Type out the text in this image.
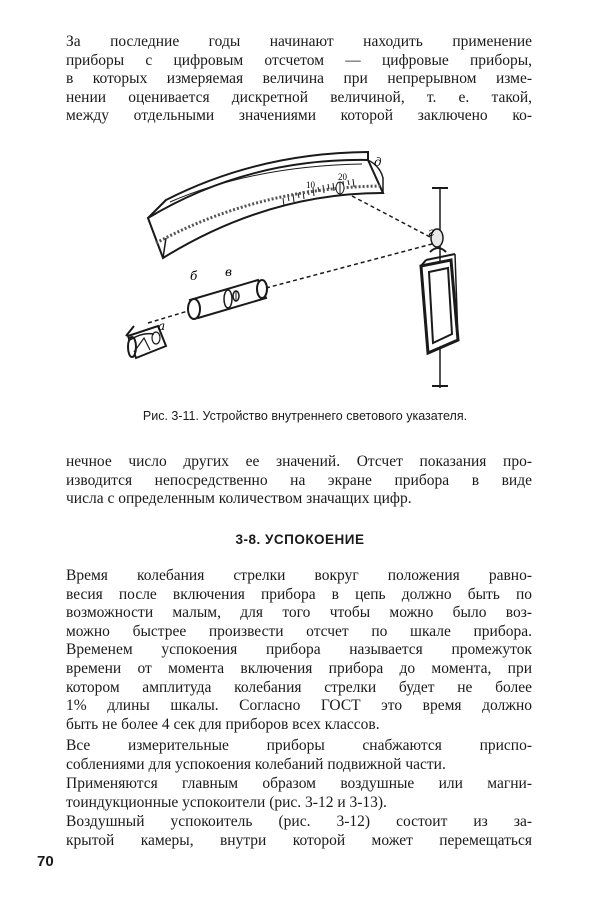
За последние годы начинают находить применение
приборы с цифровым отсчетом — цифровые приборы,
в которых измеряемая величина при непрерывном изме-
нении оценивается дискретной величиной, т. е. такой,
между отдельными значениями которой заключено ко-
10
20
а
б в
г
д

Рис. 3-11. Устройство внутреннего светового указателя.

нечное число других ее значений. Отсчет показания про-
изводится непосредственно на экране прибора в виде
числа с определенным количеством значащих цифр.

3-8. УСПОКОЕНИЕ

Время колебания стрелки вокруг положения равно-
весия после включения прибора в цепь должно быть по
возможности малым, для того чтобы можно было воз-
можно быстрее произвести отсчет по шкале прибора.
Временем успокоения прибора называется промежуток
времени от момента включения прибора до момента, при
котором амплитуда колебания стрелки будет не более
1% длины шкалы. Согласно ГОСТ это время должно
быть не более 4 сек для приборов всех классов.
Все измерительные приборы снабжаются приспо-
соблениями для успокоения колебаний подвижной части.
Применяются главным образом воздушные или магни-
тоиндукционные успокоители (рис. 3-12 и 3-13).
Воздушный успокоитель (рис. 3-12) состоит из за-
крытой камеры, внутри которой может перемещаться

70
